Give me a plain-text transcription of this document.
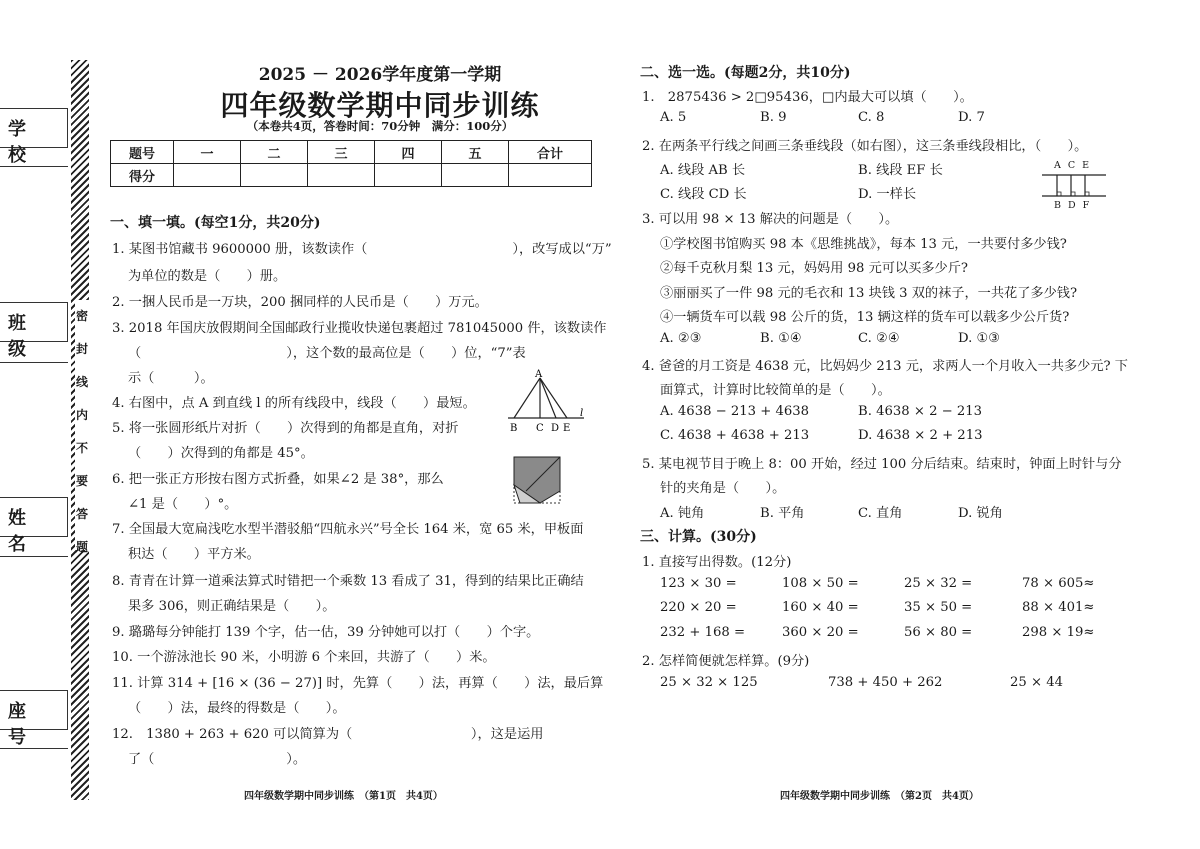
学 校
班 级
姓 名
座 号
密
封
线
内
不
要
答
题
2025 － 2026学年度第一学期
四年级数学期中同步训练
（本卷共4页，答卷时间：70分钟　满分：100分）
题号	一	二	三	四	五	合计
得分						
一、填一填。(每空1分，共20分)
1. 某图书馆藏书 9600000 册，该数读作（　　　　　　　　　　　），改写成以“万”
为单位的数是（　　）册。
2. 一捆人民币是一万块，200 捆同样的人民币是（　　）万元。
3. 2018 年国庆放假期间全国邮政行业揽收快递包裹超过 781045000 件，该数读作
（　　　　　　　　　　　），这个数的最高位是（　　）位，“7”表
示（　　　）。
4. 右图中，点 A 到直线 l 的所有线段中，线段（　　）最短。
5. 将一张圆形纸片对折（　　）次得到的角都是直角，对折
（　　）次得到的角都是 45°。
6. 把一张正方形按右图方式折叠，如果∠2 是 38°，那么
∠1 是（　　）°。
7. 全国最大宽扁浅吃水型半潜驳船“四航永兴”号全长 164 米，宽 65 米，甲板面
积达（　　）平方米。
8. 青青在计算一道乘法算式时错把一个乘数 13 看成了 31，得到的结果比正确结
果多 306，则正确结果是（　　）。
9. 璐璐每分钟能打 139 个字，估一估，39 分钟她可以打（　　）个字。
10. 一个游泳池长 90 米，小明游 6 个来回，共游了（　　）米。
11. 计算 314 + [16 × (36 − 27)] 时，先算（　　）法，再算（　　）法，最后算
（　　）法，最终的得数是（　　）。
12.　1380 + 263 + 620 可以简算为（　　　　　　　　　），这是运用
了（　　　　　　　　　　）。
A
B C D E
l
四年级数学期中同步训练　（第1页　共4页）
二、选一选。(每题2分，共10分)
1.　2875436 > 2□95436，□内最大可以填（　　）。
A. 5	B. 9	C. 8	D. 7
2. 在两条平行线之间画三条垂线段（如右图），这三条垂线段相比，（　　）。
A. 线段 AB 长	B. 线段 EF 长
C. 线段 CD 长	D. 一样长
A C E
B D F
3. 可以用 98 × 13 解决的问题是（　　）。
①学校图书馆购买 98 本《思维挑战》，每本 13 元，一共要付多少钱?
②每千克秋月梨 13 元，妈妈用 98 元可以买多少斤?
③丽丽买了一件 98 元的毛衣和 13 块钱 3 双的袜子，一共花了多少钱?
④一辆货车可以载 98 公斤的货，13 辆这样的货车可以载多少公斤货?
A. ②③	B. ①④	C. ②④	D. ①③
4. 爸爸的月工资是 4638 元，比妈妈少 213 元，求两人一个月收入一共多少元? 下
面算式，计算时比较简单的是（　　）。
A. 4638 − 213 + 4638	B. 4638 × 2 − 213
C. 4638 + 4638 + 213	D. 4638 × 2 + 213
5. 某电视节目于晚上 8：00 开始，经过 100 分后结束。结束时，钟面上时针与分
针的夹角是（　　）。
A. 钝角	B. 平角	C. 直角	D. 锐角
三、计算。(30分)
1. 直接写出得数。(12分)
123 × 30 =	108 × 50 =	25 × 32 =	78 × 605≈
220 × 20 =	160 × 40 =	35 × 50 =	88 × 401≈
232 + 168 =	360 × 20 =	56 × 80 =	298 × 19≈
2. 怎样简便就怎样算。(9分)
25 × 32 × 125	738 + 450 + 262	25 × 44
四年级数学期中同步训练　（第2页　共4页）
